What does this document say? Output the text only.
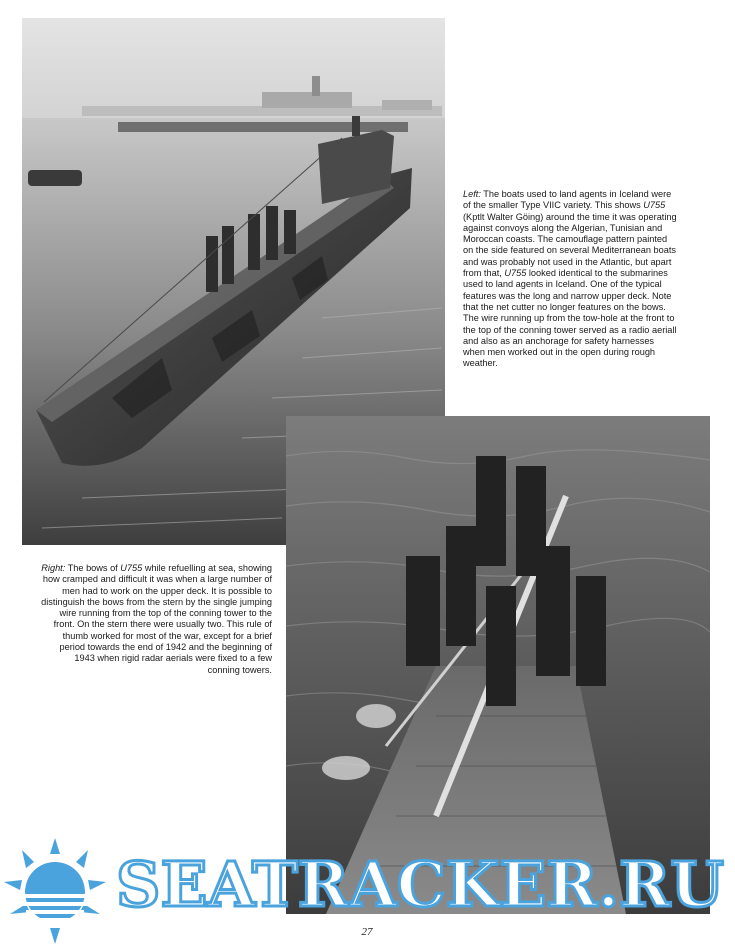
Left: The boats used to land agents in Iceland were of the smaller Type VIIC variety. This shows U755 (Kptlt Walter Göing) around the time it was operating against convoys along the Algerian, Tunisian and Moroccan coasts. The camouflage pattern painted on the side featured on several Mediterranean boats and was probably not used in the Atlantic, but apart from that, U755 looked identical to the submarines used to land agents in Iceland. One of the typical features was the long and narrow upper deck. Note that the net cutter no longer features on the bows. The wire running up from the tow-hole at the front to the top of the conning tower served as a radio aeriall and also as an anchorage for safety harnesses when men worked out in the open during rough weather.
Right: The bows of U755 while refuelling at sea, showing how cramped and difficult it was when a large number of men had to work on the upper deck. It is possible to distinguish the bows from the stern by the single jumping wire running from the top of the conning tower to the front. On the stern there were usually two. This rule of thumb worked for most of the war, except for a brief period towards the end of 1942 and the beginning of 1943 when rigid radar aerials were fixed to a few conning towers.
SEATRACKER.RU
27
